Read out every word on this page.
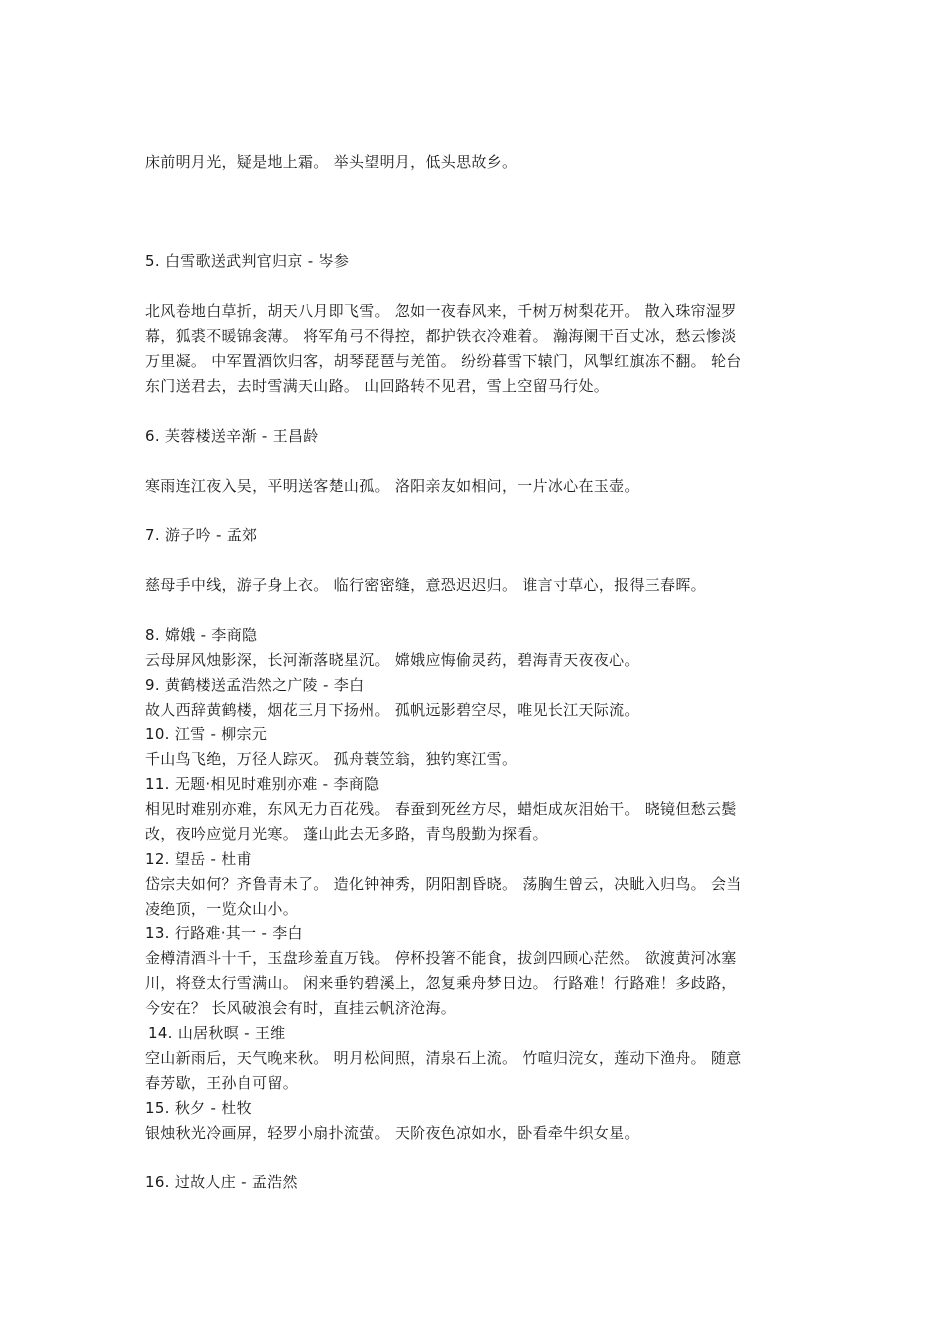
床前明月光，疑是地上霜。 举头望明月，低头思故乡。
5. 白雪歌送武判官归京 - 岑参
北风卷地白草折，胡天八月即飞雪。 忽如一夜春风来，千树万树梨花开。 散入珠帘湿罗
幕，狐裘不暖锦衾薄。 将军角弓不得控，都护铁衣冷难着。 瀚海阑干百丈冰，愁云惨淡
万里凝。 中军置酒饮归客，胡琴琵琶与羌笛。 纷纷暮雪下辕门，风掣红旗冻不翻。 轮台
东门送君去，去时雪满天山路。 山回路转不见君，雪上空留马行处。
6. 芙蓉楼送辛渐 - 王昌龄
寒雨连江夜入吴，平明送客楚山孤。 洛阳亲友如相问，一片冰心在玉壶。
7. 游子吟 - 孟郊
慈母手中线，游子身上衣。 临行密密缝，意恐迟迟归。 谁言寸草心，报得三春晖。
8. 嫦娥 - 李商隐
云母屏风烛影深，长河渐落晓星沉。 嫦娥应悔偷灵药，碧海青天夜夜心。
9. 黄鹤楼送孟浩然之广陵 - 李白
故人西辞黄鹤楼，烟花三月下扬州。 孤帆远影碧空尽，唯见长江天际流。
10. 江雪 - 柳宗元
千山鸟飞绝，万径人踪灭。 孤舟蓑笠翁，独钓寒江雪。
11. 无题·相见时难别亦难 - 李商隐
相见时难别亦难，东风无力百花残。 春蚕到死丝方尽，蜡炬成灰泪始干。 晓镜但愁云鬓
改，夜吟应觉月光寒。 蓬山此去无多路，青鸟殷勤为探看。
12. 望岳 - 杜甫
岱宗夫如何？齐鲁青未了。 造化钟神秀，阴阳割昏晓。 荡胸生曾云，决眦入归鸟。 会当
凌绝顶，一览众山小。
13. 行路难·其一 - 李白
金樽清酒斗十千，玉盘珍羞直万钱。 停杯投箸不能食，拔剑四顾心茫然。 欲渡黄河冰塞
川，将登太行雪满山。 闲来垂钓碧溪上，忽复乘舟梦日边。 行路难！行路难！多歧路，
今安在？ 长风破浪会有时，直挂云帆济沧海。
14. 山居秋暝 - 王维
空山新雨后，天气晚来秋。 明月松间照，清泉石上流。 竹喧归浣女，莲动下渔舟。 随意
春芳歇，王孙自可留。
15. 秋夕 - 杜牧
银烛秋光冷画屏，轻罗小扇扑流萤。 天阶夜色凉如水，卧看牵牛织女星。
16. 过故人庄 - 孟浩然
